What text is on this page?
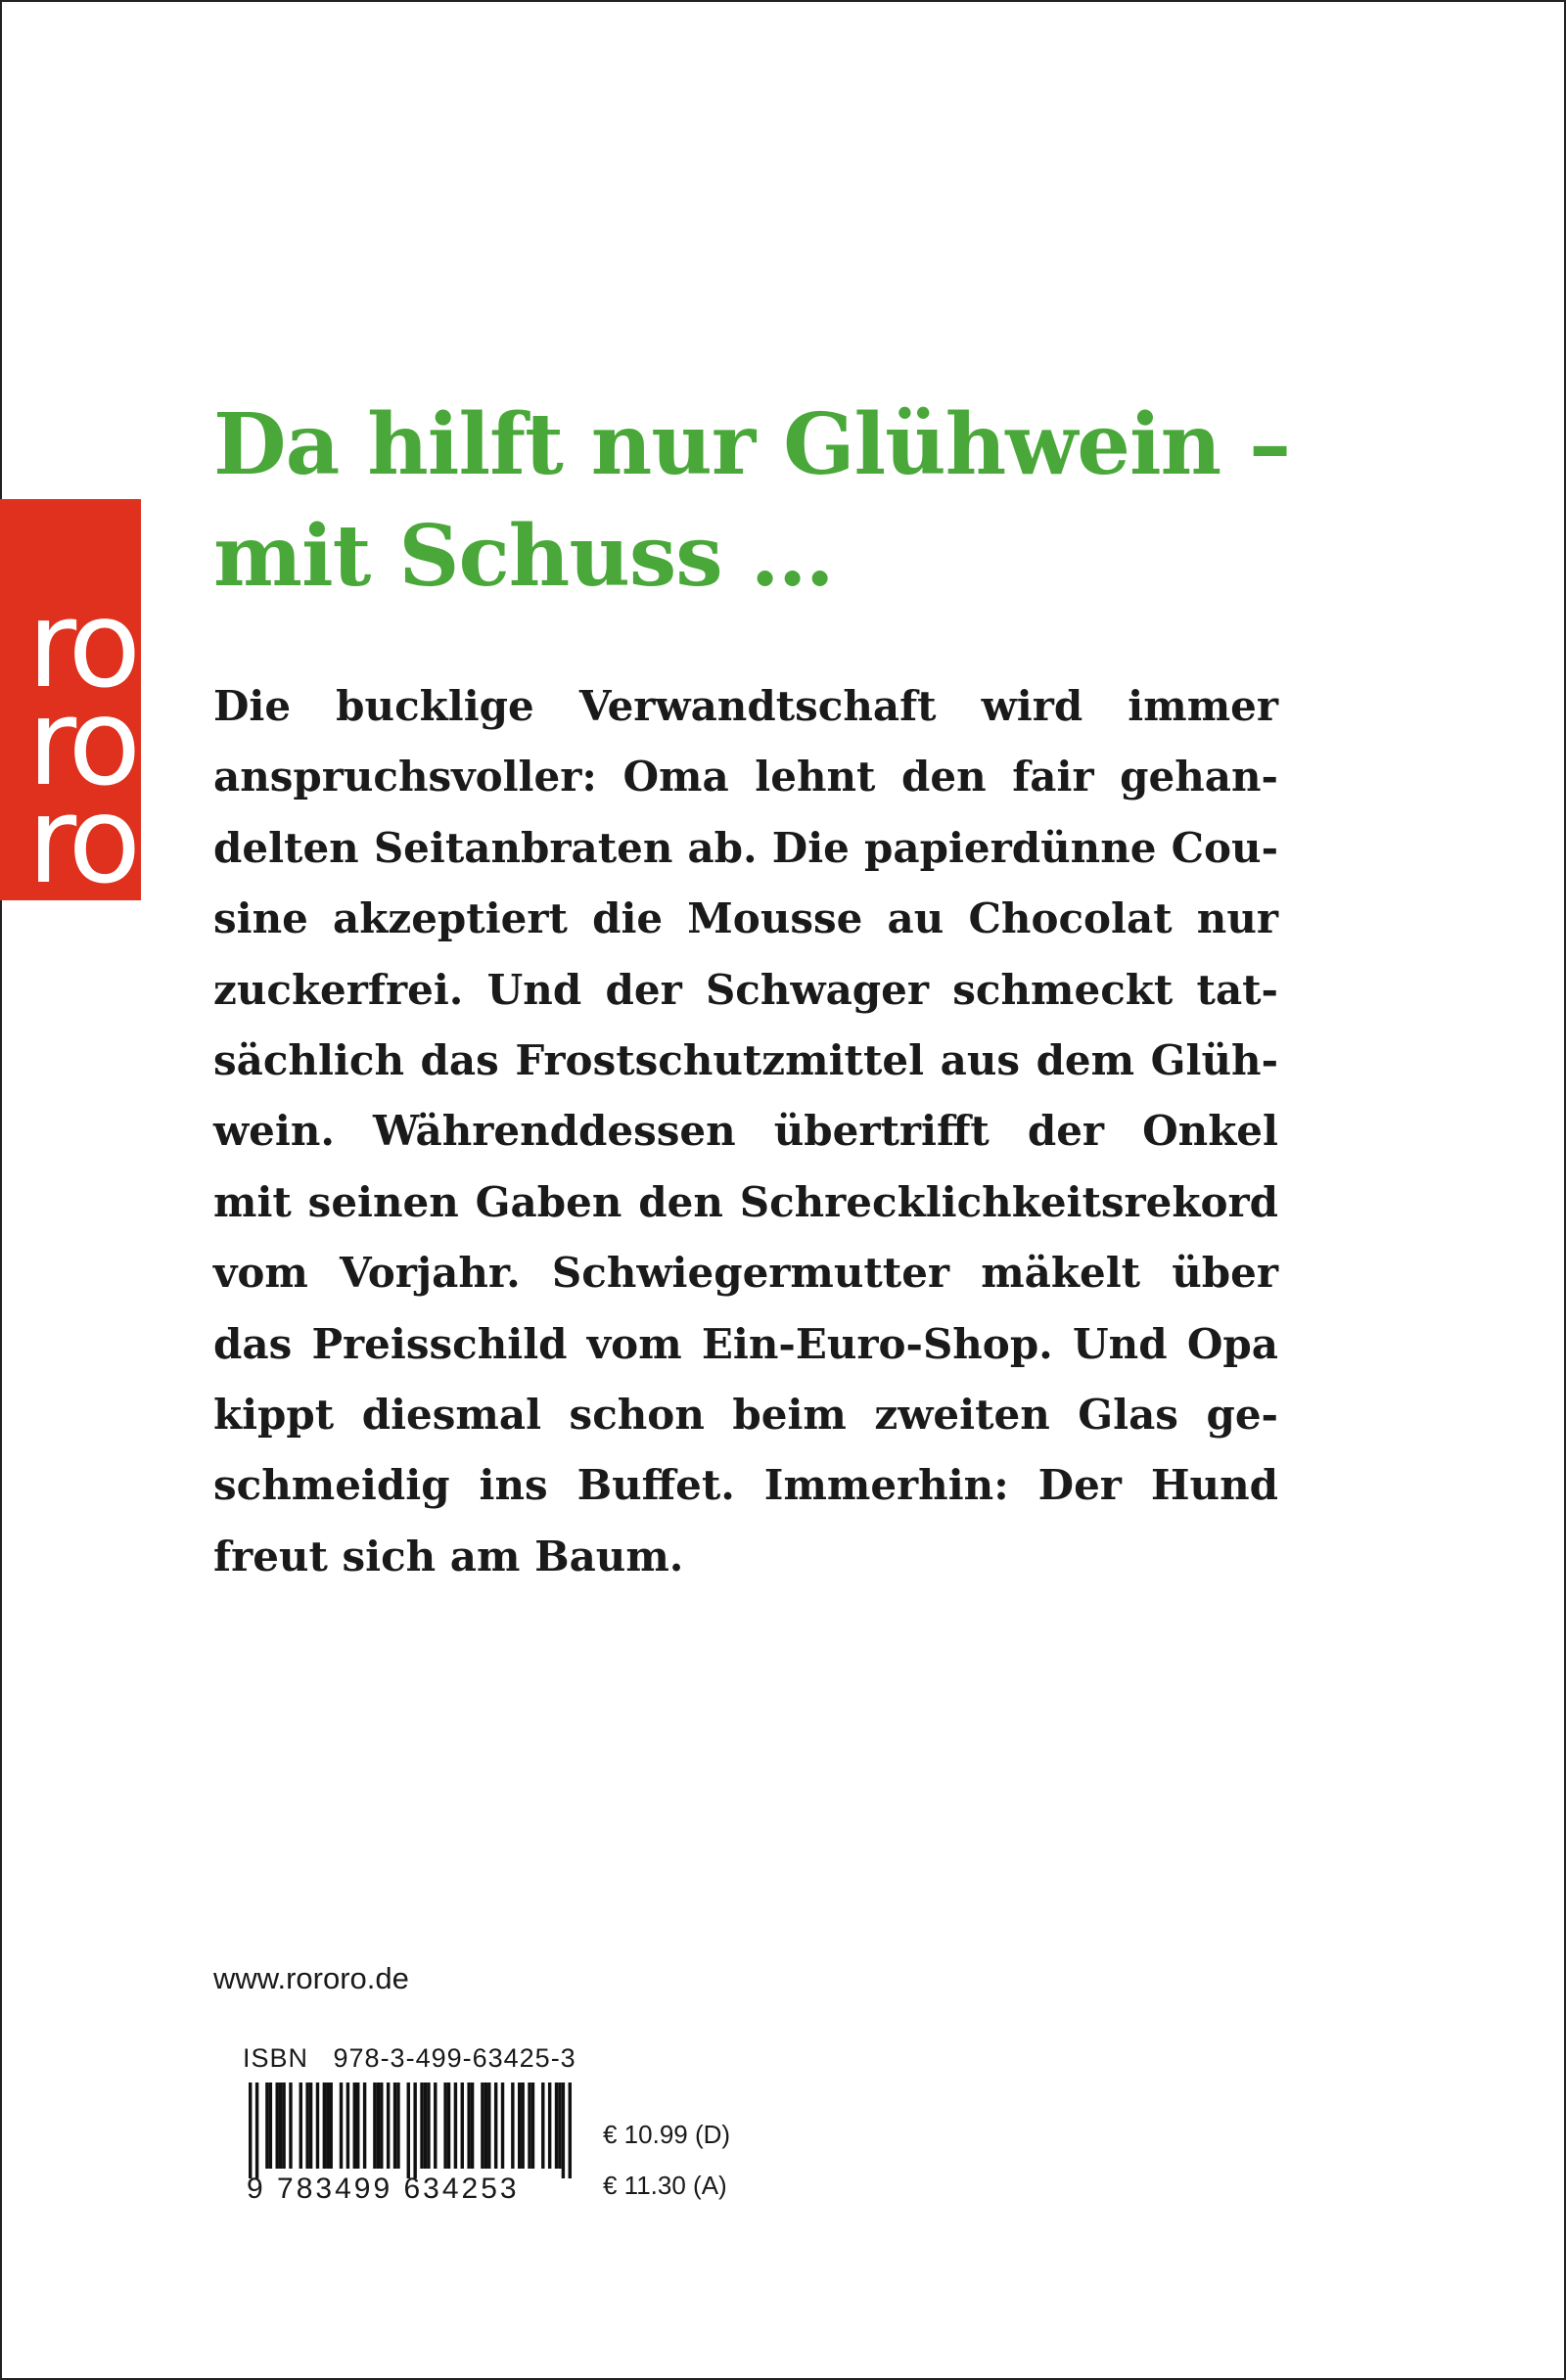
ro
ro
ro
Da hilft nur Glühwein –
mit Schuss …
Die bucklige Verwandtschaft wird immer
anspruchsvoller: Oma lehnt den fair gehan-
delten Seitanbraten ab. Die papierdünne Cou-
sine akzeptiert die Mousse au Chocolat nur
zuckerfrei. Und der Schwager schmeckt tat-
sächlich das Frostschutzmittel aus dem Glüh-
wein. Währenddessen übertrifft der Onkel
mit seinen Gaben den Schrecklichkeitsrekord
vom Vorjahr. Schwiegermutter mäkelt über
das Preisschild vom Ein-Euro-Shop. Und Opa
kippt diesmal schon beim zweiten Glas ge-
schmeidig ins Buffet. Immerhin: Der Hund
freut sich am Baum.
www.rororo.de
ISBN   978-3-499-63425-3
9 783499 634253
€ 10.99 (D)
€ 11.30 (A)
